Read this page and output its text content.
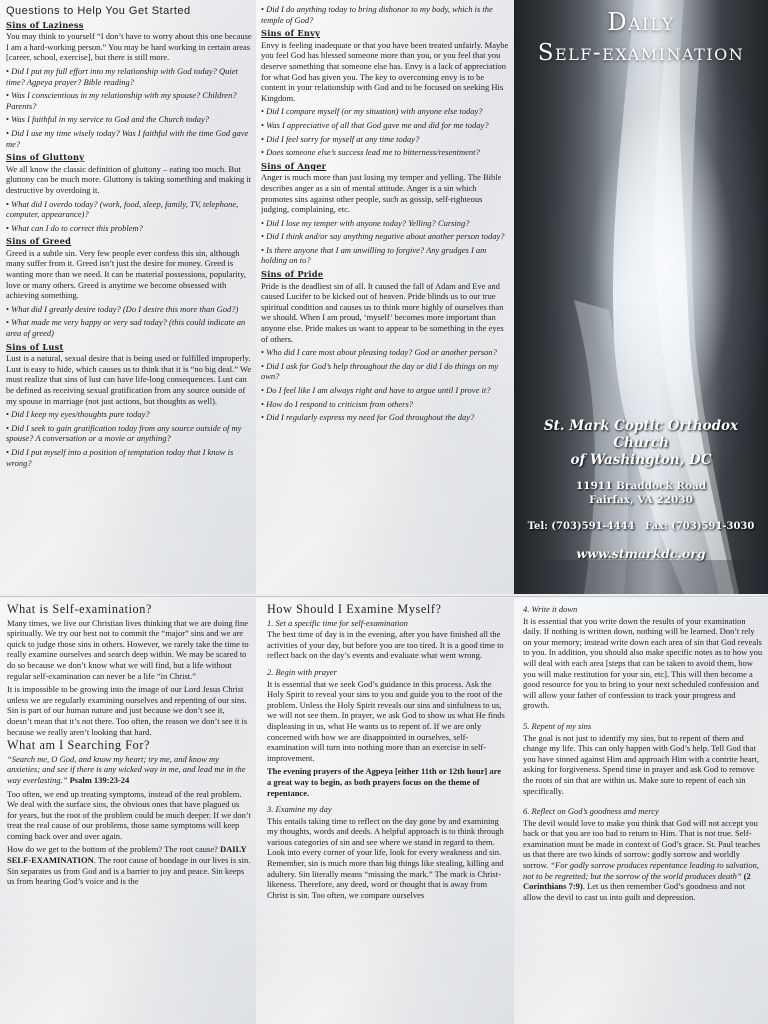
Questions to Help You Get Started
Sins of Laziness

You may think to yourself “I don’t have to worry about this one because I am a hard-working person.” You may be hard working in certain areas [career, school, exercise], but there is still more.

• Did I put my full effort into my relationship with God today? Quiet time? Agpeya prayer? Bible reading?

• Was I conscientious in my relationship with my spouse? Children? Parents?

• Was I faithful in my service to God and the Church today?

• Did I use my time wisely today? Was I faithful with the time God gave me?

Sins of Gluttony

We all know the classic definition of gluttony – eating too much. But gluttony can be much more. Gluttony is taking something and making it destructive by overdoing it.

• What did I overdo today? (work, food, sleep, family, TV, telephone, computer, appearance)?

• What can I do to correct this problem?

Sins of Greed

Greed is a subtle sin. Very few people ever confess this sin, although many suffer from it. Greed isn’t just the desire for money. Greed is wanting more than we need. It can be material possessions, popularity, love or many others. Greed is anytime we become obsessed with achieving something.

• What did I greatly desire today? (Do I desire this more than God?)

• What made me very happy or very sad today? (this could indicate an area of greed)

Sins of Lust

Lust is a natural, sexual desire that is being used or fulfilled improperly. Lust is easy to hide, which causes us to think that it is “no big deal.” We must realize that sins of lust can have life-long consequences. Lust can be defined as receiving sexual gratification from any source outside of my spouse in marriage (not just actions, but thoughts as well).

• Did I keep my eyes/thoughts pure today?

• Did I seek to gain gratification today from any source outside of my spouse? A conversation or a movie or anything?

• Did I put myself into a position of temptation today that I know is wrong?

• Did I do anything today to bring dishonor to my body, which is the temple of God?

Sins of Envy

Envy is feeling inadequate or that you have been treated unfairly. Maybe you feel God has blessed someone more than you, or you feel that you deserve something that someone else has. Envy is a lack of appreciation for what God has given you. The key to overcoming envy is to be content in your relationship with God and to be focused on seeking His Kingdom.

• Did I compare myself (or my situation) with anyone else today?

• Was I appreciative of all that God gave me and did for me today?

• Did I feel sorry for myself at any time today?

• Does someone else’s success lead me to bitterness/resentment?

Sins of Anger

Anger is much more than just losing my temper and yelling. The Bible describes anger as a sin of mental attitude. Anger is a sin which promotes sins against other people, such as gossip, self-righteous judging, complaining, etc.

• Did I lose my temper with anyone today? Yelling? Cursing?

• Did I think and/or say anything negative about another person today?

• Is there anyone that I am unwilling to forgive? Any grudges I am holding on to?

Sins of Pride

Pride is the deadliest sin of all. It caused the fall of Adam and Eve and caused Lucifer to be kicked out of heaven. Pride blinds us to our true spiritual condition and causes us to think more highly of ourselves than we should. When I am proud, ‘myself’ becomes more important than anyone else. Pride makes us want to appear to be something in the eyes of others.

• Who did I care most about pleasing today? God or another person?

• Did I ask for God’s help throughout the day or did I do things on my own?

• Do I feel like I am always right and have to argue until I prove it?

• How do I respond to criticism from others?

• Did I regularly express my need for God throughout the day?

Daily
Self-examination
St. Mark Coptic Orthodox Church
of Washington, DC
11911 Braddock Road
Fairfax, VA 22030
Tel: (703)591-4444 Fax: (703)591-3030
www.stmarkdc.org
What is Self-examination?

Many times, we live our Christian lives thinking that we are doing fine spiritually. We try our best not to commit the “major” sins and we are quick to judge those sins in others. However, we rarely take the time to really examine ourselves and search deep within. We may be scared to do so because we don’t know what we will find, but a life without regular self-examination can never be a life “in Christ.”

It is impossible to be growing into the image of our Lord Jesus Christ unless we are regularly examining ourselves and repenting of our sins. Sin is part of our human nature and just because we don’t see it, doesn’t mean that it’s not there. Too often, the reason we don’t see it is because we really aren’t looking that hard.

What am I Searching For?

“Search me, O God, and know my heart; try me, and know my anxieties; and see if there is any wicked way in me, and lead me in the way everlasting.” Psalm 139:23-24

Too often, we end up treating symptoms, instead of the real problem. We deal with the surface sins, the obvious ones that have plagued us for years, but the root of the problem could be much deeper. If we don’t treat the real cause of our problems, those same symptoms will keep coming back over and over again.

How do we get to the bottom of the problem? The root cause? DAILY SELF-EXAMINATION. The root cause of bondage in our lives is sin. Sin separates us from God and is a barrier to joy and peace. Sin keeps us from hearing God’s voice and is the

How Should I Examine Myself?
1. Set a specific time for self-examination

The best time of day is in the evening, after you have finished all the activities of your day, but before you are too tired. It is a good time to reflect back on the day’s events and evaluate what went wrong.

2. Begin with prayer

It is essential that we seek God’s guidance in this process. Ask the Holy Spirit to reveal your sins to you and guide you to the root of the problem. Unless the Holy Spirit reveals our sins and sinfulness to us, we will not see them. In prayer, we ask God to show us what He finds displeasing in us, what He wants us to repent of. If we are only concerned with how we are disappointed in ourselves, self-examination will turn into nothing more than an exercise in self-improvement.

The evening prayers of the Agpeya [either 11th or 12th hour] are a great way to begin, as both prayers focus on the theme of repentance.

3. Examine my day

This entails taking time to reflect on the day gone by and examining my thoughts, words and deeds. A helpful approach is to think through various categories of sin and see where we stand in regard to them. Look into every corner of your life, look for every weakness and sin. Remember, sin is much more than big things like stealing, killing and adultery. Sin literally means “missing the mark.” The mark is Christ-likeness. Therefore, any deed, word or thought that is away from Christ is sin. Too often, we compare ourselves

4. Write it down

It is essential that you write down the results of your examination daily. If nothing is written down, nothing will be learned. Don’t rely on your memory; instead write down each area of sin that God reveals to you. In addition, you should also make specific notes as to how you will deal with each area [steps that can be taken to avoid them, how you will make restitution for your sin, etc]. This will then become a good resource for you to bring to your next scheduled confession and will allow your father of confession to track your progress and growth.

5. Repent of my sins

The goal is not just to identify my sins, but to repent of them and change my life. This can only happen with God’s help. Tell God that you have sinned against Him and approach Him with a contrite heart, asking for forgiveness. Spend time in prayer and ask God to remove the roots of sin that are within us. Make sure to repent of each sin specifically.

6. Reflect on God’s goodness and mercy

The devil would love to make you think that God will not accept you back or that you are too bad to return to Him. That is not true. Self-examination must be made in context of God’s grace. St. Paul teaches us that there are two kinds of sorrow: godly sorrow and worldly sorrow. “For godly sorrow produces repentance leading to salvation, not to be regretted; but the sorrow of the world produces death” (2 Corinthians 7:9). Let us then remember God’s goodness and not allow the devil to cast us into guilt and depression.
